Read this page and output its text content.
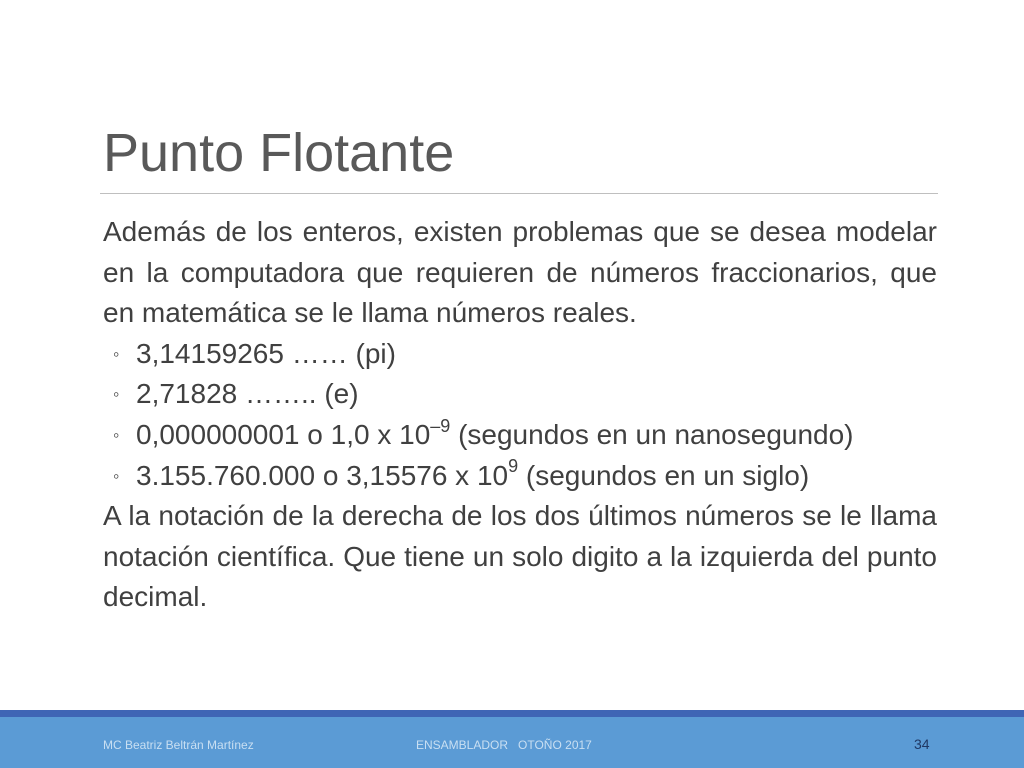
Punto Flotante

Además de los enteros, existen problemas que se desea modelar en la computadora que requieren de números fraccionarios, que en matemática se le llama números reales.

◦ 3,14159265 …… (pi)
◦ 2,71828 …….. (e)
◦ 0,000000001 o 1,0 x $10^{-9}$ (segundos en un nanosegundo)
◦ 3.155.760.000 o 3,15576 x $10^9$ (segundos en un siglo)

A la notación de la derecha de los dos últimos números se le llama notación científica. Que tiene un solo digito a la izquierda del punto decimal.

MC Beatriz Beltrán Martínez	ENSAMBLADOR   OTOÑO 2017	34
